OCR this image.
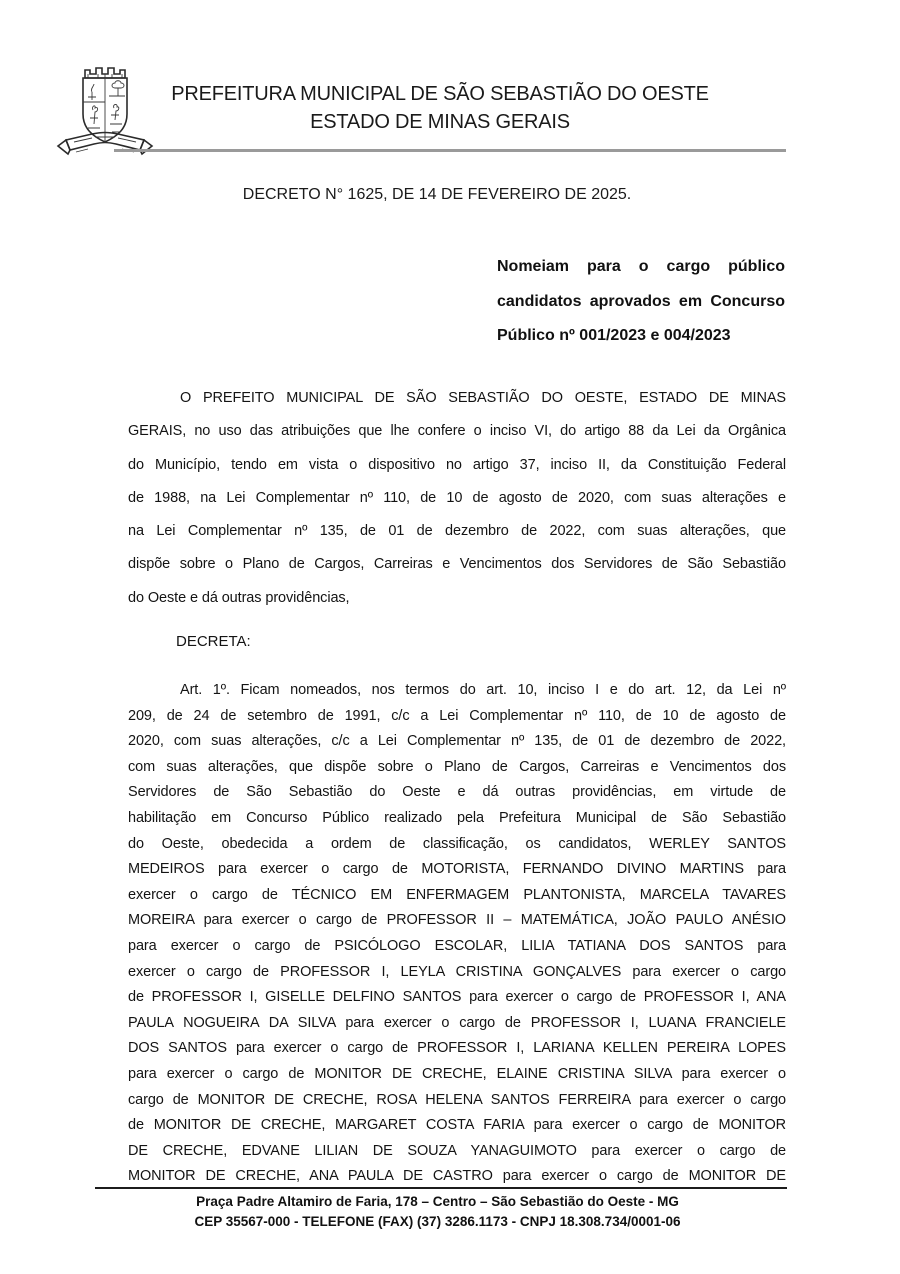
PREFEITURA MUNICIPAL DE SÃO SEBASTIÃO DO OESTE
ESTADO DE MINAS GERAIS
DECRETO N° 1625, DE 14 DE FEVEREIRO DE 2025.
Nomeiam para o cargo público
candidatos aprovados em Concurso
Público nº 001/2023 e 004/2023
O PREFEITO MUNICIPAL DE SÃO SEBASTIÃO DO OESTE, ESTADO DE MINAS
GERAIS, no uso das atribuições que lhe confere o inciso VI, do artigo 88 da Lei da Orgânica
do Município, tendo em vista o dispositivo no artigo 37, inciso II, da Constituição Federal
de 1988, na Lei Complementar nº 110, de 10 de agosto de 2020, com suas alterações e
na Lei Complementar nº 135, de 01 de dezembro de 2022, com suas alterações, que
dispõe sobre o Plano de Cargos, Carreiras e Vencimentos dos Servidores de São Sebastião
do Oeste e dá outras providências,
DECRETA:
Art. 1º. Ficam nomeados, nos termos do art. 10, inciso I e do art. 12, da Lei nº
209, de 24 de setembro de 1991, c/c a Lei Complementar nº 110, de 10 de agosto de
2020, com suas alterações, c/c a Lei Complementar nº 135, de 01 de dezembro de 2022,
com suas alterações, que dispõe sobre o Plano de Cargos, Carreiras e Vencimentos dos
Servidores de São Sebastião do Oeste e dá outras providências, em virtude de
habilitação em Concurso Público realizado pela Prefeitura Municipal de São Sebastião
do Oeste, obedecida a ordem de classificação, os candidatos, WERLEY SANTOS
MEDEIROS para exercer o cargo de MOTORISTA, FERNANDO DIVINO MARTINS para
exercer o cargo de TÉCNICO EM ENFERMAGEM PLANTONISTA, MARCELA TAVARES
MOREIRA para exercer o cargo de PROFESSOR II – MATEMÁTICA, JOÃO PAULO ANÉSIO
para exercer o cargo de PSICÓLOGO ESCOLAR, LILIA TATIANA DOS SANTOS para
exercer o cargo de PROFESSOR I, LEYLA CRISTINA GONÇALVES para exercer o cargo
de PROFESSOR I, GISELLE DELFINO SANTOS para exercer o cargo de PROFESSOR I, ANA
PAULA NOGUEIRA DA SILVA para exercer o cargo de PROFESSOR I, LUANA FRANCIELE
DOS SANTOS para exercer o cargo de PROFESSOR I, LARIANA KELLEN PEREIRA LOPES
para exercer o cargo de MONITOR DE CRECHE, ELAINE CRISTINA SILVA para exercer o
cargo de MONITOR DE CRECHE, ROSA HELENA SANTOS FERREIRA para exercer o cargo
de MONITOR DE CRECHE, MARGARET COSTA FARIA para exercer o cargo de MONITOR
DE CRECHE, EDVANE LILIAN DE SOUZA YANAGUIMOTO para exercer o cargo de
MONITOR DE CRECHE, ANA PAULA DE CASTRO para exercer o cargo de MONITOR DE
Praça Padre Altamiro de Faria, 178 – Centro – São Sebastião do Oeste - MG
CEP 35567-000 - TELEFONE (FAX) (37) 3286.1173 - CNPJ 18.308.734/0001-06
